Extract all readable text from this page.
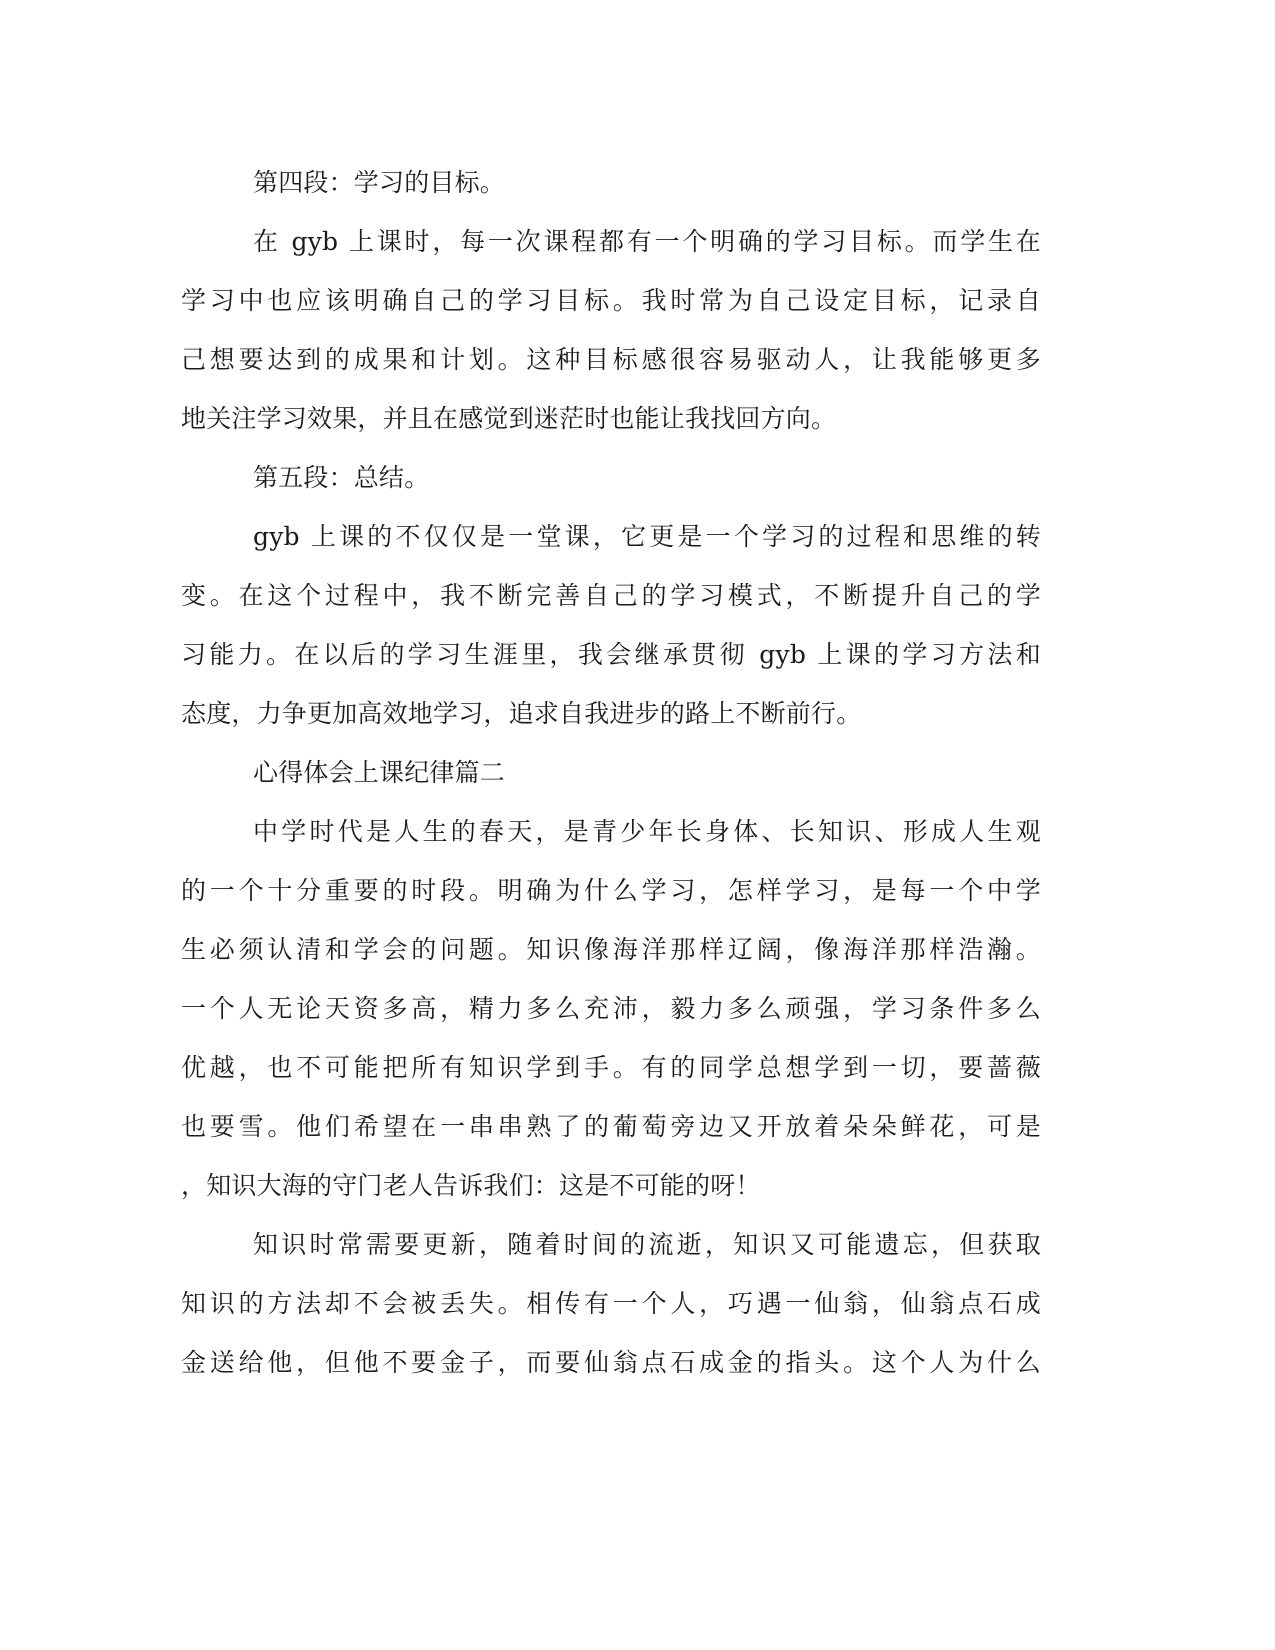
第四段：学习的目标。
在 gyb 上课时，每一次课程都有一个明确的学习目标。而学生在
学习中也应该明确自己的学习目标。我时常为自己设定目标，记录自
己想要达到的成果和计划。这种目标感很容易驱动人，让我能够更多
地关注学习效果，并且在感觉到迷茫时也能让我找回方向。
第五段：总结。
gyb 上课的不仅仅是一堂课，它更是一个学习的过程和思维的转
变。在这个过程中，我不断完善自己的学习模式，不断提升自己的学
习能力。在以后的学习生涯里，我会继承贯彻 gyb 上课的学习方法和
态度，力争更加高效地学习，追求自我进步的路上不断前行。
心得体会上课纪律篇二
中学时代是人生的春天，是青少年长身体、长知识、形成人生观
的一个十分重要的时段。明确为什么学习，怎样学习，是每一个中学
生必须认清和学会的问题。知识像海洋那样辽阔，像海洋那样浩瀚。
一个人无论天资多高，精力多么充沛，毅力多么顽强，学习条件多么
优越，也不可能把所有知识学到手。有的同学总想学到一切，要蔷薇
也要雪。他们希望在一串串熟了的葡萄旁边又开放着朵朵鲜花，可是
，知识大海的守门老人告诉我们：这是不可能的呀！
知识时常需要更新，随着时间的流逝，知识又可能遗忘，但获取
知识的方法却不会被丢失。相传有一个人，巧遇一仙翁，仙翁点石成
金送给他，但他不要金子，而要仙翁点石成金的指头。这个人为什么
